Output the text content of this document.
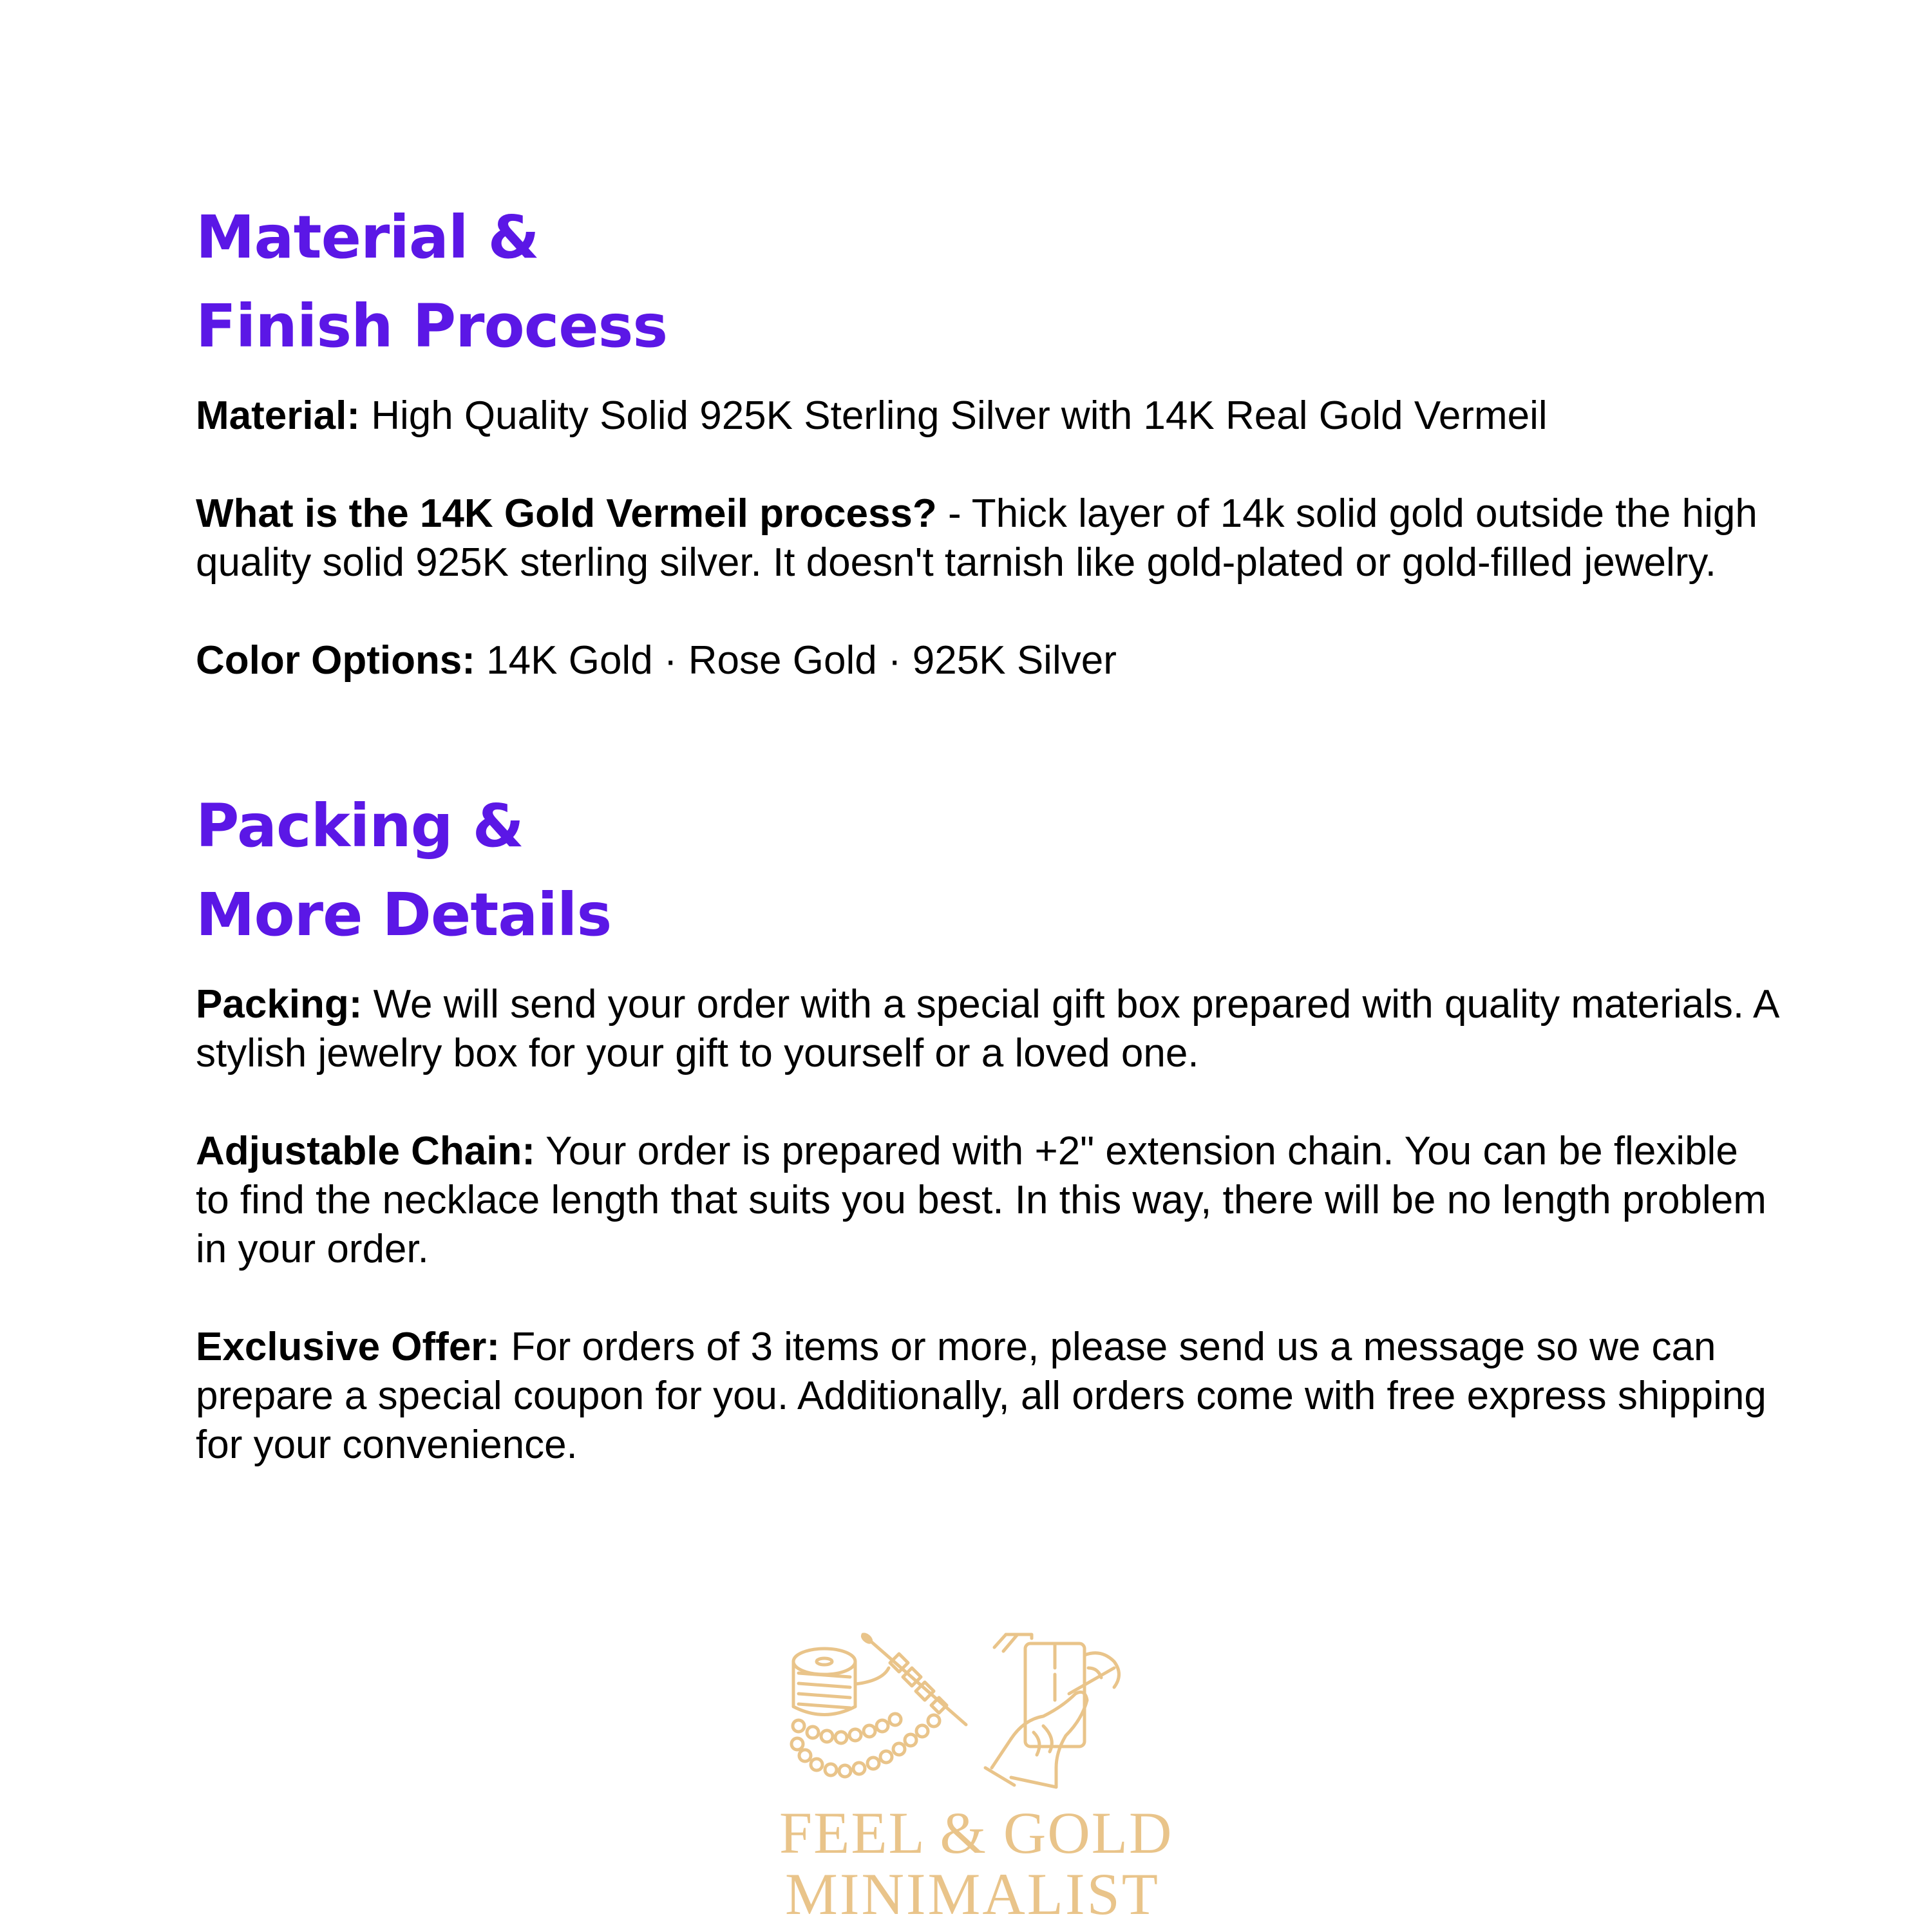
Material &
Finish Process

Material: High Quality Solid 925K Sterling Silver with 14K Real Gold Vermeil

What is the 14K Gold Vermeil process? - Thick layer of 14k solid gold outside the high quality solid 925K sterling silver. It doesn't tarnish like gold-plated or gold-filled jewelry.

Color Options: 14K Gold · Rose Gold · 925K Silver

Packing &
More Details

Packing: We will send your order with a special gift box prepared with quality materials. A stylish jewelry box for your gift to yourself or a loved one.

Adjustable Chain: Your order is prepared with +2" extension chain. You can be flexible to find the necklace length that suits you best. In this way, there will be no length problem in your order.

Exclusive Offer: For orders of 3 items or more, please send us a message so we can prepare a special coupon for you. Additionally, all orders come with free express shipping for your convenience.

FEEL & GOLD
MINIMALIST
